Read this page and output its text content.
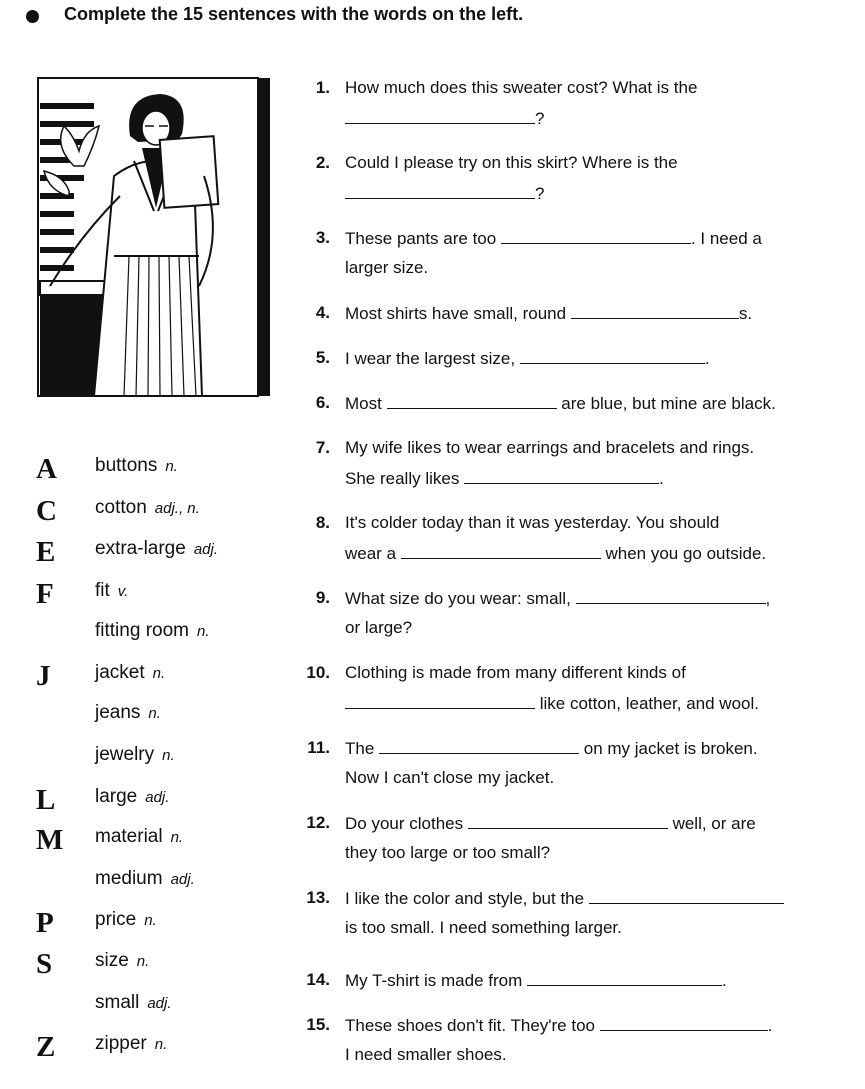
Complete the 15 sentences with the words on the left.
A	buttons n.
C	cotton adj., n.
E	extra-large adj.
F	fit v.
fitting room n.
J	jacket n.
jeans n.
jewelry n.
L	large adj.
M material n.
medium adj.
P	price n.
S	size n.
small adj.
Z	zipper n.
1. How much does this sweater cost? What is the
?
2. Could I please try on this skirt? Where is the
?
3. These pants are too	. I need a
larger size.
4. Most shirts have small, round	s.
5. I wear the largest size,	.
6. Most	are blue, but mine are black.
7. My wife likes to wear earrings and bracelets and rings.
She really likes	.
8. It's colder today than it was yesterday. You should
wear a	when you go outside.
9. What size do you wear: small,	,
or large?
10. Clothing is made from many different kinds of
like cotton, leather, and wool.
11. The	on my jacket is broken.
Now I can't close my jacket.
12. Do your clothes	well, or are
they too large or too small?
13. I like the color and style, but the
is too small. I need something larger.
14. My T-shirt is made from	.
15. These shoes don't fit. They're too	.
I need smaller shoes.
